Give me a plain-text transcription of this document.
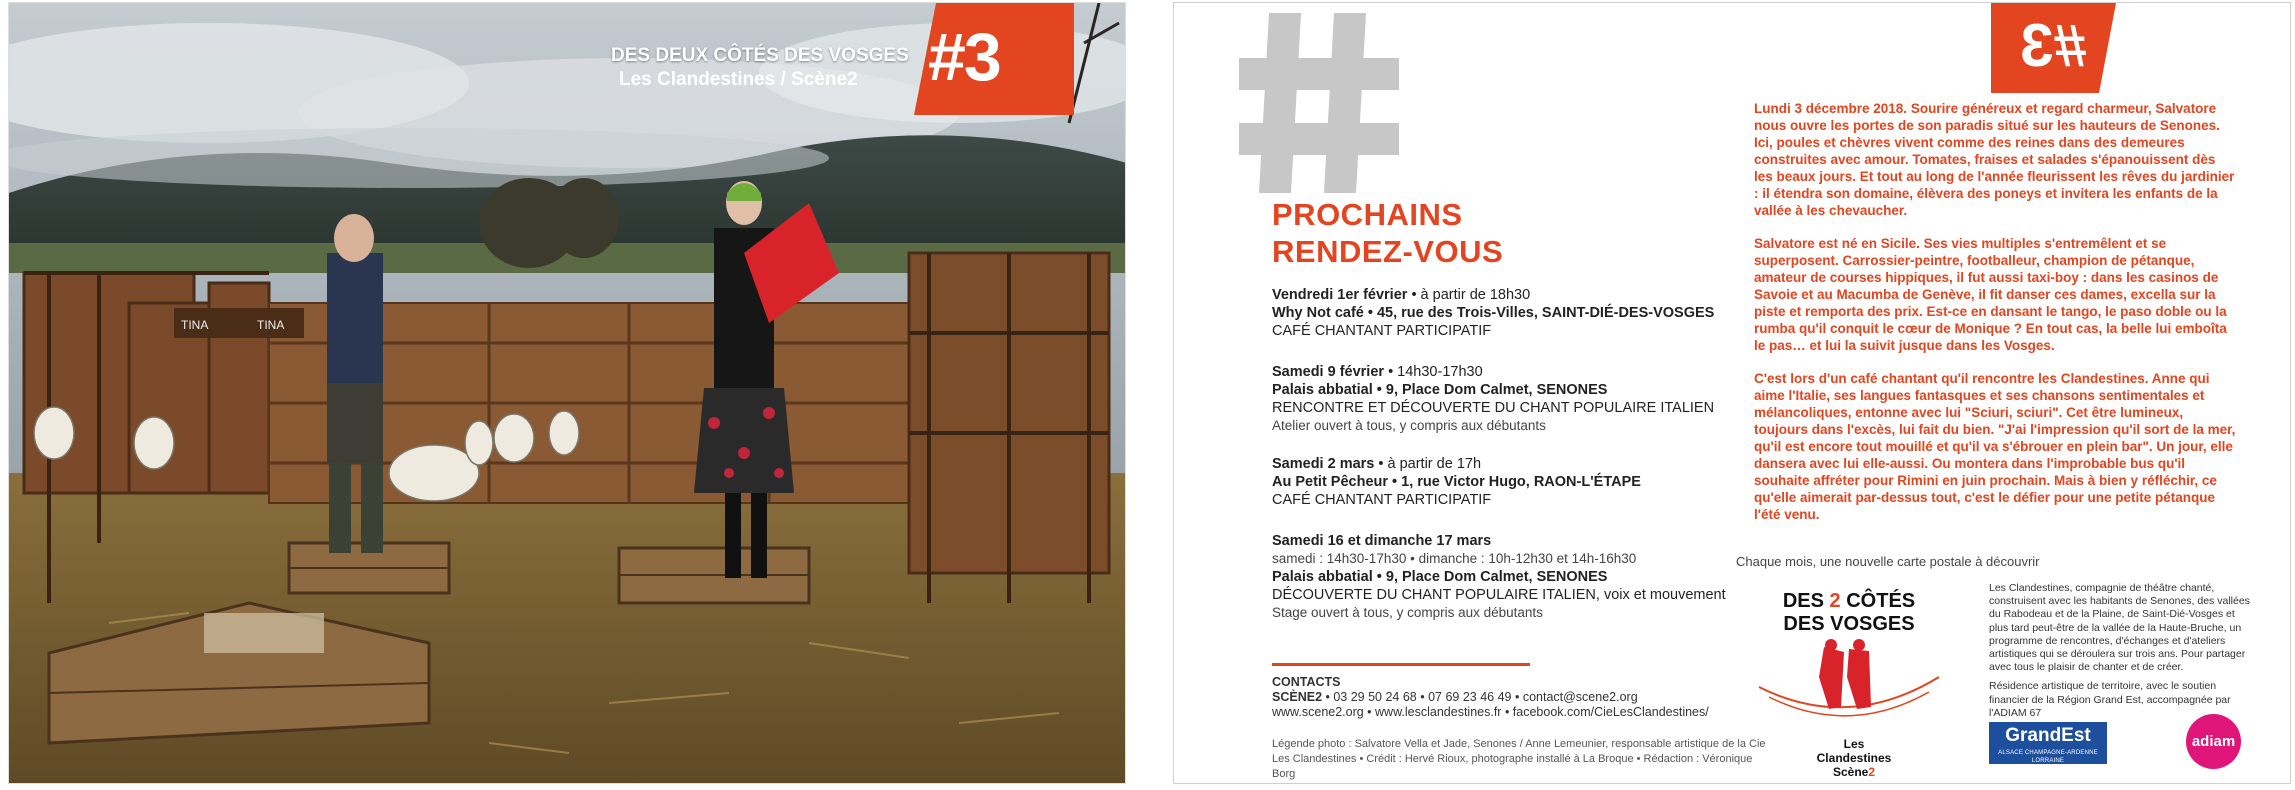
TINA	TINA
DES DEUX CÔTÉS DES VOSGES
Les Clandestines / Scène2 #3
PROCHAINS
RENDEZ-VOUS
Vendredi 1er février • à partir de 18h30
Why Not café • 45, rue des Trois-Villes, SAINT-DIÉ-DES-VOSGES
CAFÉ CHANTANT PARTICIPATIF
Samedi 9 février • 14h30-17h30
Palais abbatial • 9, Place Dom Calmet, SENONES
RENCONTRE ET DÉCOUVERTE DU CHANT POPULAIRE ITALIEN
Atelier ouvert à tous, y compris aux débutants
Samedi 2 mars • à partir de 17h
Au Petit Pêcheur • 1, rue Victor Hugo, RAON-L'ÉTAPE
CAFÉ CHANTANT PARTICIPATIF
Samedi 16 et dimanche 17 mars
samedi : 14h30-17h30 • dimanche : 10h-12h30 et 14h-16h30
Palais abbatial • 9, Place Dom Calmet, SENONES
DÉCOUVERTE DU CHANT POPULAIRE ITALIEN, voix et mouvement
Stage ouvert à tous, y compris aux débutants
CONTACTS
SCÈNE2 • 03 29 50 24 68 • 07 69 23 46 49 • contact@scene2.org
www.scene2.org • www.lesclandestines.fr • facebook.com/CieLesClandestines/
Légende photo : Salvatore Vella et Jade, Senones / Anne Lemeunier, responsable artistique de la Cie
Les Clandestines • Crédit : Hervé Rioux, photographe installé à La Broque • Rédaction : Véronique Borg
#3
Lundi 3 décembre 2018. Sourire généreux et regard charmeur, Salvatore nous ouvre les portes de son paradis situé sur les hauteurs de Senones. Ici, poules et chèvres vivent comme des reines dans des demeures construites avec amour. Tomates, fraises et salades s'épanouissent dès les beaux jours. Et tout au long de l'année fleurissent les rêves du jardinier : il étendra son domaine, élèvera des poneys et invitera les enfants de la vallée à les chevaucher.
Salvatore est né en Sicile. Ses vies multiples s'entremêlent et se superposent. Carrossier-peintre, footballeur, champion de pétanque, amateur de courses hippiques, il fut aussi taxi-boy : dans les casinos de Savoie et au Macumba de Genève, il fit danser ces dames, excella sur la piste et remporta des prix. Est-ce en dansant le tango, le paso doble ou la rumba qu'il conquit le cœur de Monique ? En tout cas, la belle lui emboîta le pas… et lui la suivit jusque dans les Vosges.
C'est lors d'un café chantant qu'il rencontre les Clandestines. Anne qui aime l'Italie, ses langues fantasques et ses chansons sentimentales et mélancoliques, entonne avec lui "Sciuri, sciuri". Cet être lumineux, toujours dans l'excès, lui fait du bien. "J'ai l'impression qu'il sort de la mer, qu'il est encore tout mouillé et qu'il va s'ébrouer en plein bar". Un jour, elle dansera avec lui elle-aussi. Ou montera dans l'improbable bus qu'il souhaite affréter pour Rimini en juin prochain. Mais à bien y réfléchir, ce qu'elle aimerait par-dessus tout, c'est le défier pour une petite pétanque l'été venu.
Chaque mois, une nouvelle carte postale à découvrir
DES 2 CÔTÉS
DES VOSGES
Les
Clandestines
Scène2
Les Clandestines, compagnie de théâtre chanté, construisent avec les habitants de Senones, des vallées du Rabodeau et de la Plaine, de Saint-Dié-Vosges et plus tard peut-être de la vallée de la Haute-Bruche, un programme de rencontres, d'échanges et d'ateliers artistiques qui se déroulera sur trois ans. Pour partager avec tous le plaisir de chanter et de créer.
Résidence artistique de territoire, avec le soutien financier de la Région Grand Est, accompagnée par l'ADIAM 67
GrandEst
ALSACE CHAMPAGNE-ARDENNE LORRAINE
adiam
